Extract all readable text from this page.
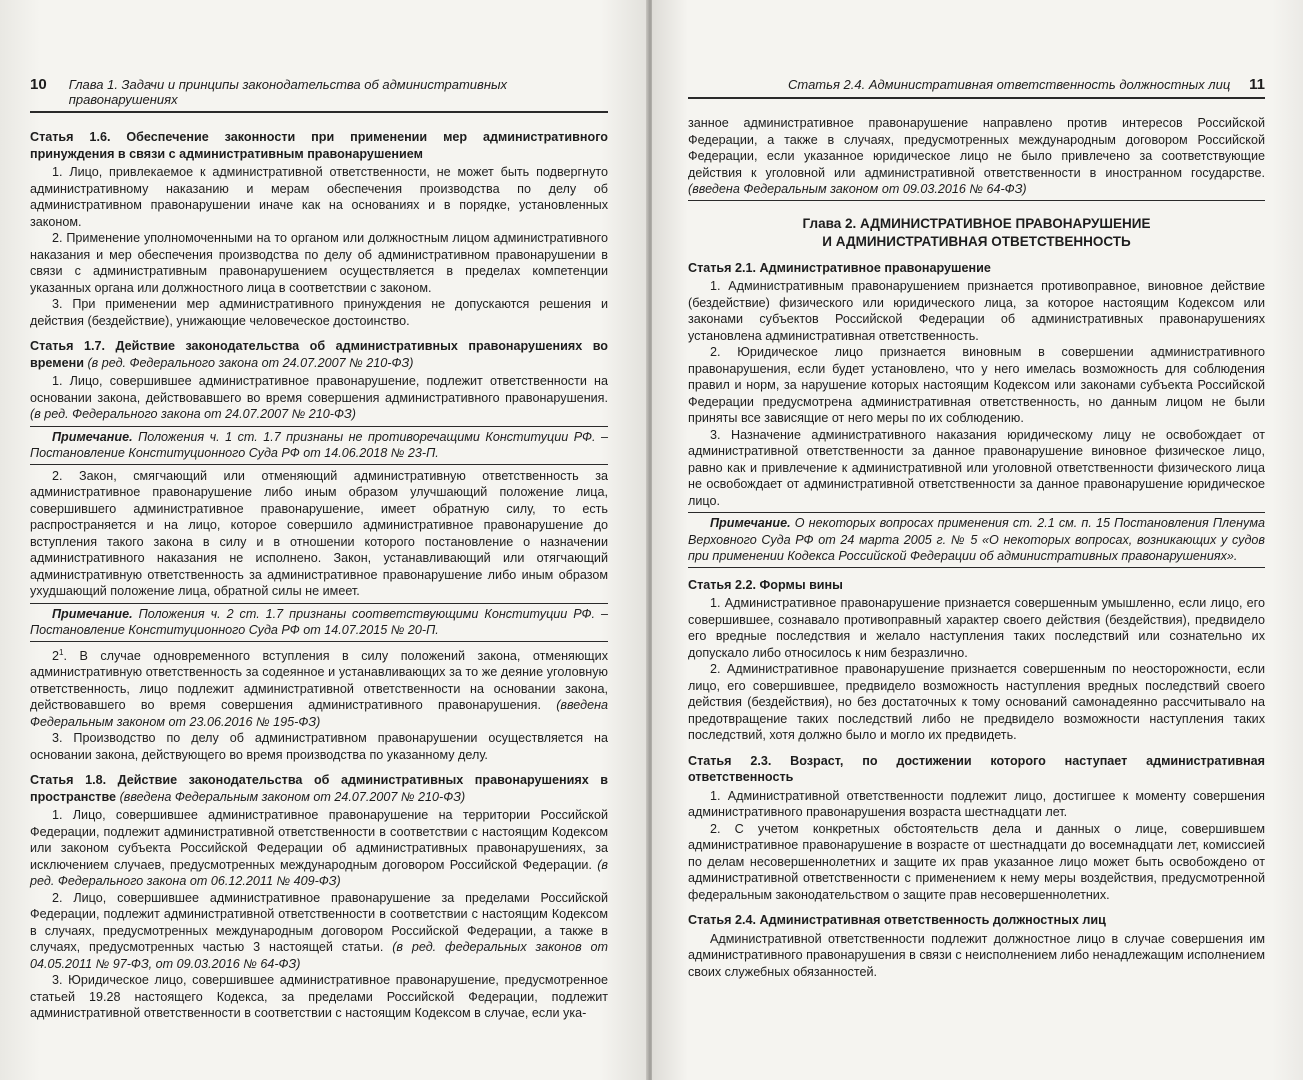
10 Глава 1. Задачи и принципы законодательства об административных правонарушениях
Статья 1.6. Обеспечение законности при применении мер административного принуждения в связи с административным правонарушением
1. Лицо, привлекаемое к административной ответственности, не может быть подвергнуто административному наказанию и мерам обеспечения производства по делу об административном правонарушении иначе как на основаниях и в порядке, установленных законом.
2. Применение уполномоченными на то органом или должностным лицом административного наказания и мер обеспечения производства по делу об административном правонарушении в связи с административным правонарушением осуществляется в пределах компетенции указанных органа или должностного лица в соответствии с законом.
3. При применении мер административного принуждения не допускаются решения и действия (бездействие), унижающие человеческое достоинство.
Статья 1.7. Действие законодательства об административных правонарушениях во времени (в ред. Федерального закона от 24.07.2007 № 210-ФЗ)
1. Лицо, совершившее административное правонарушение, подлежит ответственности на основании закона, действовавшего во время совершения административного правонарушения. (в ред. Федерального закона от 24.07.2007 № 210-ФЗ)
Примечание. Положения ч. 1 ст. 1.7 признаны не противоречащими Конституции РФ. – Постановление Конституционного Суда РФ от 14.06.2018 № 23-П.
2. Закон, смягчающий или отменяющий административную ответственность за административное правонарушение либо иным образом улучшающий положение лица, совершившего административное правонарушение, имеет обратную силу, то есть распространяется и на лицо, которое совершило административное правонарушение до вступления такого закона в силу и в отношении которого постановление о назначении административного наказания не исполнено. Закон, устанавливающий или отягчающий административную ответственность за административное правонарушение либо иным образом ухудшающий положение лица, обратной силы не имеет.
Примечание. Положения ч. 2 ст. 1.7 признаны соответствующими Конституции РФ. – Постановление Конституционного Суда РФ от 14.07.2015 № 20-П.
$2^1$. В случае одновременного вступления в силу положений закона, отменяющих административную ответственность за содеянное и устанавливающих за то же деяние уголовную ответственность, лицо подлежит административной ответственности на основании закона, действовавшего во время совершения административного правонарушения. (введена Федеральным законом от 23.06.2016 № 195-ФЗ)
3. Производство по делу об административном правонарушении осуществляется на основании закона, действующего во время производства по указанному делу.
Статья 1.8. Действие законодательства об административных правонарушениях в пространстве (введена Федеральным законом от 24.07.2007 № 210-ФЗ)
1. Лицо, совершившее административное правонарушение на территории Российской Федерации, подлежит административной ответственности в соответствии с настоящим Кодексом или законом субъекта Российской Федерации об административных правонарушениях, за исключением случаев, предусмотренных международным договором Российской Федерации. (в ред. Федерального закона от 06.12.2011 № 409-ФЗ)
2. Лицо, совершившее административное правонарушение за пределами Российской Федерации, подлежит административной ответственности в соответствии с настоящим Кодексом в случаях, предусмотренных международным договором Российской Федерации, а также в случаях, предусмотренных частью 3 настоящей статьи. (в ред. федеральных законов от 04.05.2011 № 97-ФЗ, от 09.03.2016 № 64-ФЗ)
3. Юридическое лицо, совершившее административное правонарушение, предусмотренное статьей 19.28 настоящего Кодекса, за пределами Российской Федерации, подлежит административной ответственности в соответствии с настоящим Кодексом в случае, если ука-
Статья 2.4. Административная ответственность должностных лиц 11
занное административное правонарушение направлено против интересов Российской Федерации, а также в случаях, предусмотренных международным договором Российской Федерации, если указанное юридическое лицо не было привлечено за соответствующие действия к уголовной или административной ответственности в иностранном государстве. (введена Федеральным законом от 09.03.2016 № 64-ФЗ)
Глава 2. АДМИНИСТРАТИВНОЕ ПРАВОНАРУШЕНИЕ
И АДМИНИСТРАТИВНАЯ ОТВЕТСТВЕННОСТЬ
Статья 2.1. Административное правонарушение
1. Административным правонарушением признается противоправное, виновное действие (бездействие) физического или юридического лица, за которое настоящим Кодексом или законами субъектов Российской Федерации об административных правонарушениях установлена административная ответственность.
2. Юридическое лицо признается виновным в совершении административного правонарушения, если будет установлено, что у него имелась возможность для соблюдения правил и норм, за нарушение которых настоящим Кодексом или законами субъекта Российской Федерации предусмотрена административная ответственность, но данным лицом не были приняты все зависящие от него меры по их соблюдению.
3. Назначение административного наказания юридическому лицу не освобождает от административной ответственности за данное правонарушение виновное физическое лицо, равно как и привлечение к административной или уголовной ответственности физического лица не освобождает от административной ответственности за данное правонарушение юридическое лицо.
Примечание. О некоторых вопросах применения ст. 2.1 см. п. 15 Постановления Пленума Верховного Суда РФ от 24 марта 2005 г. № 5 «О некоторых вопросах, возникающих у судов при применении Кодекса Российской Федерации об административных правонарушениях».
Статья 2.2. Формы вины
1. Административное правонарушение признается совершенным умышленно, если лицо, его совершившее, сознавало противоправный характер своего действия (бездействия), предвидело его вредные последствия и желало наступления таких последствий или сознательно их допускало либо относилось к ним безразлично.
2. Административное правонарушение признается совершенным по неосторожности, если лицо, его совершившее, предвидело возможность наступления вредных последствий своего действия (бездействия), но без достаточных к тому оснований самонадеянно рассчитывало на предотвращение таких последствий либо не предвидело возможности наступления таких последствий, хотя должно было и могло их предвидеть.
Статья 2.3. Возраст, по достижении которого наступает административная ответственность
1. Административной ответственности подлежит лицо, достигшее к моменту совершения административного правонарушения возраста шестнадцати лет.
2. С учетом конкретных обстоятельств дела и данных о лице, совершившем административное правонарушение в возрасте от шестнадцати до восемнадцати лет, комиссией по делам несовершеннолетних и защите их прав указанное лицо может быть освобождено от административной ответственности с применением к нему меры воздействия, предусмотренной федеральным законодательством о защите прав несовершеннолетних.
Статья 2.4. Административная ответственность должностных лиц
Административной ответственности подлежит должностное лицо в случае совершения им административного правонарушения в связи с неисполнением либо ненадлежащим исполнением своих служебных обязанностей.
